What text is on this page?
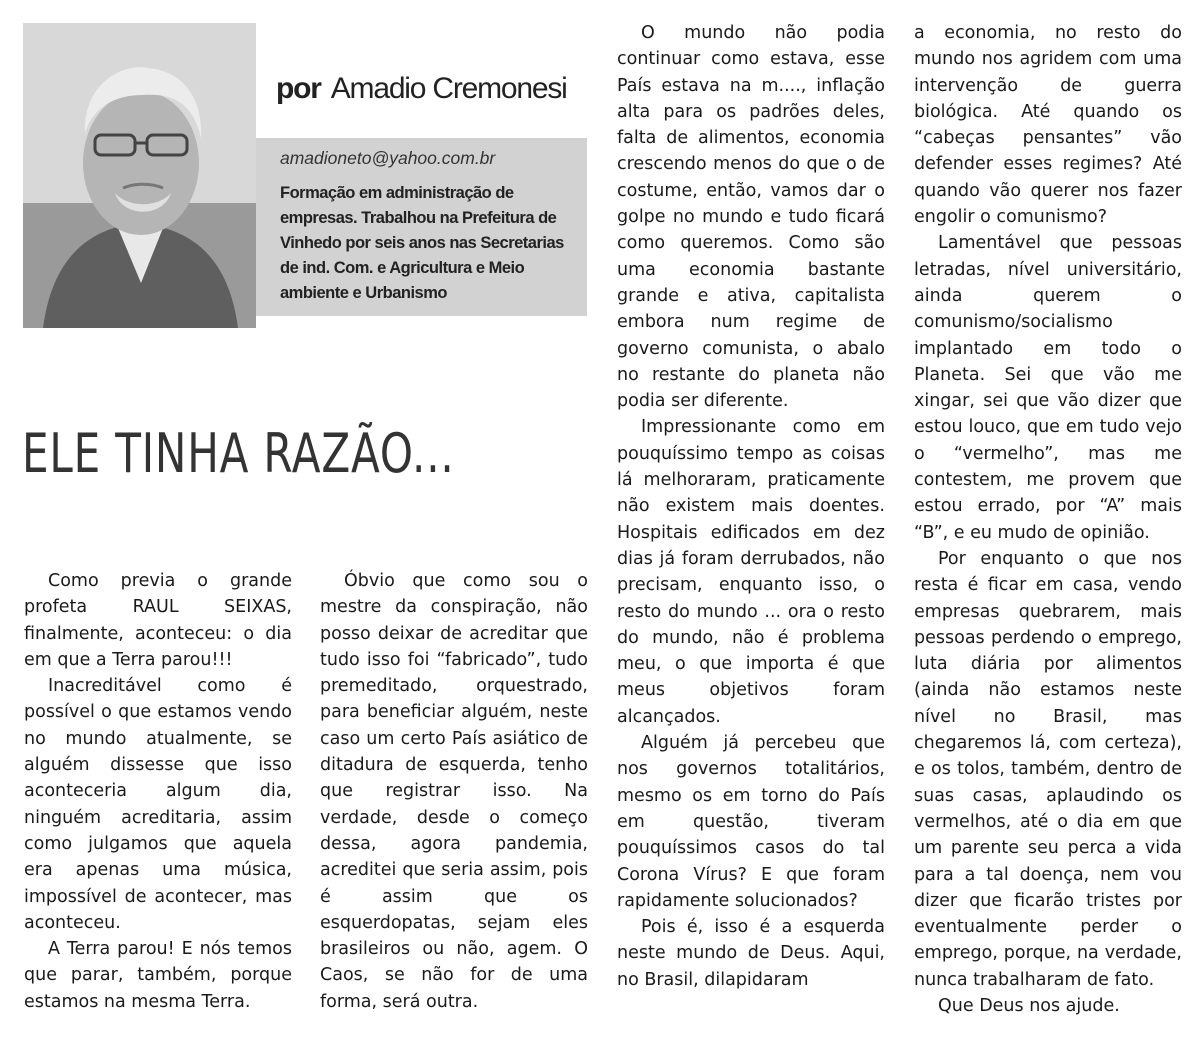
por Amadio Cremonesi
amadioneto@yahoo.com.br
Formação em administração de empresas. Trabalhou na Prefeitura de Vinhedo por seis anos nas Secretarias de ind. Com. e Agricultura e Meio ambiente e Urbanismo
ELE TINHA RAZÃO...

Como previa o grande profeta RAUL SEIXAS, finalmente, aconteceu: o dia em que a Terra parou!!!

Inacreditável como é possível o que estamos vendo no mundo atualmente, se alguém dissesse que isso aconteceria algum dia, ninguém acreditaria, assim como julgamos que aquela era apenas uma música, impossível de acontecer, mas aconteceu.

A Terra parou! E nós temos que parar, também, porque estamos na mesma Terra.

Óbvio que como sou o mestre da conspiração, não posso deixar de acreditar que tudo isso foi “fabricado”, tudo premeditado, orquestrado, para beneficiar alguém, neste caso um certo País asiático de ditadura de esquerda, tenho que registrar isso. Na verdade, desde o começo dessa, agora pandemia, acreditei que seria assim, pois é assim que os esquerdopatas, sejam eles brasileiros ou não, agem. O Caos, se não for de uma forma, será outra.

O mundo não podia continuar como estava, esse País estava na m...., inflação alta para os padrões deles, falta de alimentos, economia crescendo menos do que o de costume, então, vamos dar o golpe no mundo e tudo ficará como queremos. Como são uma economia bastante grande e ativa, capitalista embora num regime de governo comunista, o abalo no restante do planeta não podia ser diferente.

Impressionante como em pouquíssimo tempo as coisas lá melhoraram, praticamente não existem mais doentes. Hospitais edificados em dez dias já foram derrubados, não precisam, enquanto isso, o resto do mundo ... ora o resto do mundo, não é problema meu, o que importa é que meus objetivos foram alcançados.

Alguém já percebeu que nos governos totalitários, mesmo os em torno do País em questão, tiveram pouquíssimos casos do tal Corona Vírus? E que foram rapidamente solucionados?

Pois é, isso é a esquerda neste mundo de Deus. Aqui, no Brasil, dilapidaram

a economia, no resto do mundo nos agridem com uma intervenção de guerra biológica. Até quando os “cabeças pensantes” vão defender esses regimes? Até quando vão querer nos fazer engolir o comunismo?

Lamentável que pessoas letradas, nível universitário, ainda querem o comunismo/socialismo implantado em todo o Planeta. Sei que vão me xingar, sei que vão dizer que estou louco, que em tudo vejo o “vermelho”, mas me contestem, me provem que estou errado, por “A” mais “B”, e eu mudo de opinião.

Por enquanto o que nos resta é ficar em casa, vendo empresas quebrarem, mais pessoas perdendo o emprego, luta diária por alimentos (ainda não estamos neste nível no Brasil, mas chegaremos lá, com certeza), e os tolos, também, dentro de suas casas, aplaudindo os vermelhos, até o dia em que um parente seu perca a vida para a tal doença, nem vou dizer que ficarão tristes por eventualmente perder o emprego, porque, na verdade, nunca trabalharam de fato.

Que Deus nos ajude.
